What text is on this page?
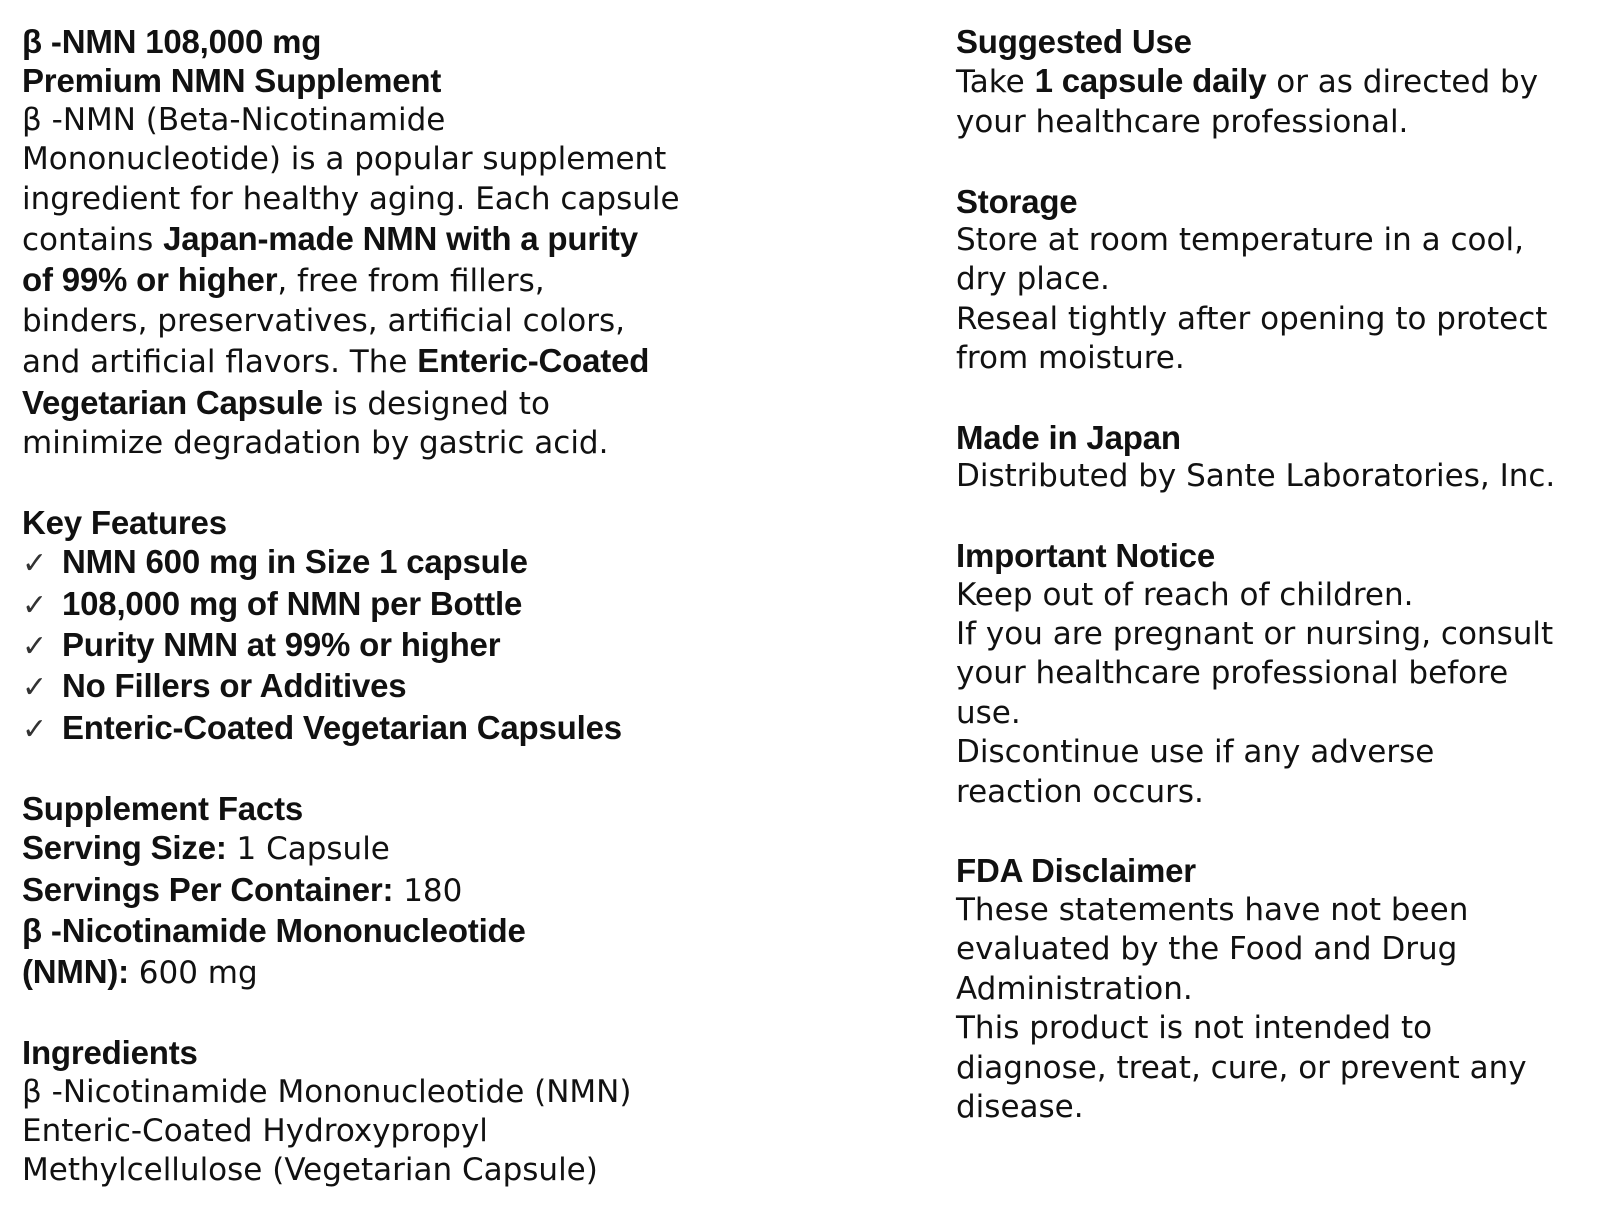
β -NMN 108,000 mg
Premium NMN Supplement
β -NMN (Beta-Nicotinamide
Mononucleotide) is a popular supplement
ingredient for healthy aging. Each capsule
contains Japan-made NMN with a purity
of 99% or higher, free from fillers,
binders, preservatives, artificial colors,
and artificial flavors. The Enteric-Coated
Vegetarian Capsule is designed to
minimize degradation by gastric acid.
Key Features
✓ NMN 600 mg in Size 1 capsule
✓ 108,000 mg of NMN per Bottle
✓ Purity NMN at 99% or higher
✓ No Fillers or Additives
✓ Enteric-Coated Vegetarian Capsules
Supplement Facts
Serving Size: 1 Capsule
Servings Per Container: 180
β -Nicotinamide Mononucleotide
(NMN): 600 mg
Ingredients
β -Nicotinamide Mononucleotide (NMN)
Enteric-Coated Hydroxypropyl
Methylcellulose (Vegetarian Capsule)
Suggested Use
Take 1 capsule daily or as directed by
your healthcare professional.
Storage
Store at room temperature in a cool,
dry place.
Reseal tightly after opening to protect
from moisture.
Made in Japan
Distributed by Sante Laboratories, Inc.
Important Notice
Keep out of reach of children.
If you are pregnant or nursing, consult
your healthcare professional before
use.
Discontinue use if any adverse
reaction occurs.
FDA Disclaimer
These statements have not been
evaluated by the Food and Drug
Administration.
This product is not intended to
diagnose, treat, cure, or prevent any
disease.
